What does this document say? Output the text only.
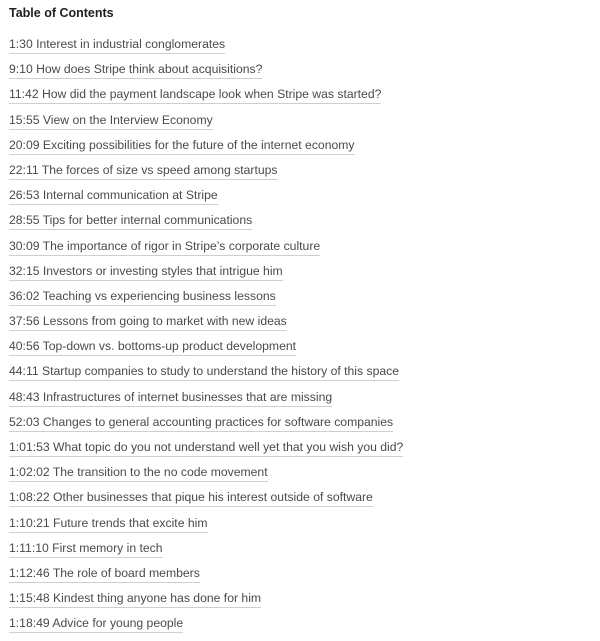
Table of Contents
1:30 Interest in industrial conglomerates
9:10 How does Stripe think about acquisitions?
11:42 How did the payment landscape look when Stripe was started?
15:55 View on the Interview Economy
20:09 Exciting possibilities for the future of the internet economy
22:11 The forces of size vs speed among startups
26:53 Internal communication at Stripe
28:55 Tips for better internal communications
30:09 The importance of rigor in Stripe’s corporate culture
32:15 Investors or investing styles that intrigue him
36:02 Teaching vs experiencing business lessons
37:56 Lessons from going to market with new ideas
40:56 Top-down vs. bottoms-up product development
44:11 Startup companies to study to understand the history of this space
48:43 Infrastructures of internet businesses that are missing
52:03 Changes to general accounting practices for software companies
1:01:53 What topic do you not understand well yet that you wish you did?
1:02:02 The transition to the no code movement
1:08:22 Other businesses that pique his interest outside of software
1:10:21 Future trends that excite him
1:11:10 First memory in tech
1:12:46 The role of board members
1:15:48 Kindest thing anyone has done for him
1:18:49 Advice for young people
